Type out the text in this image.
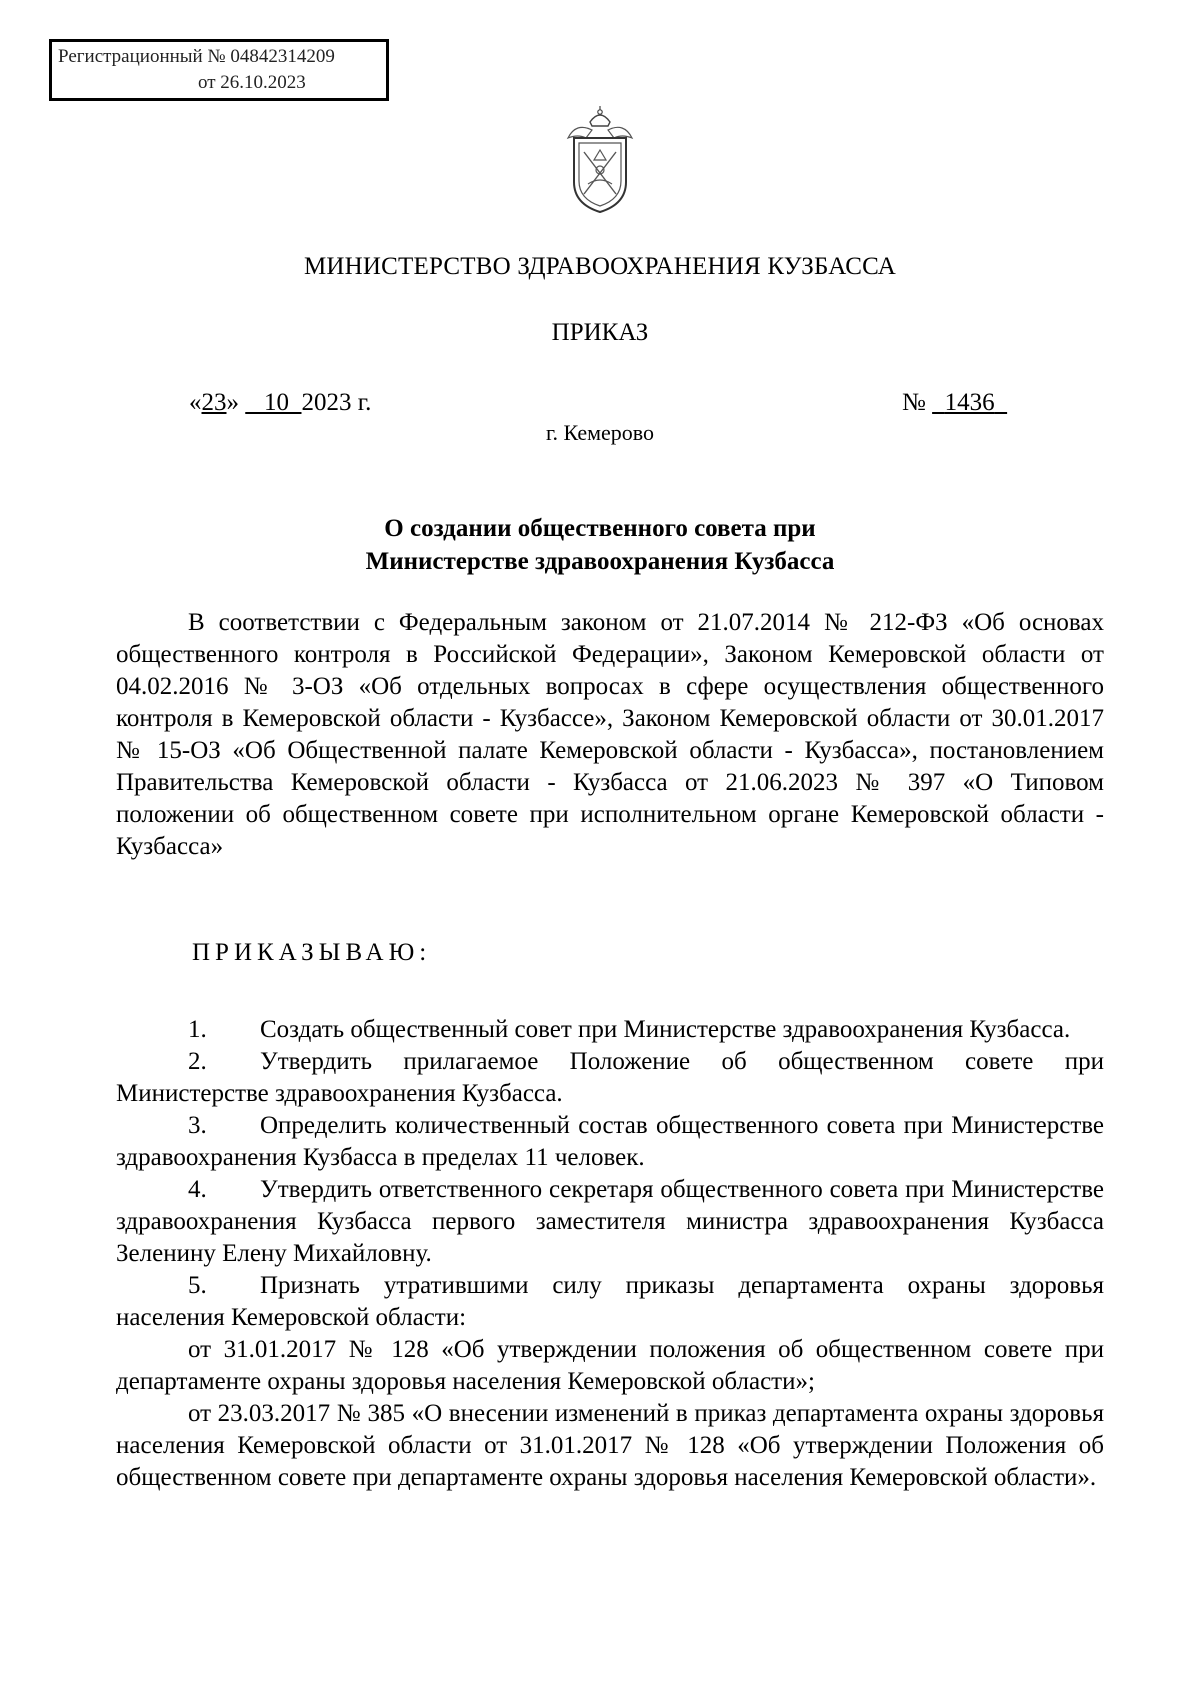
Регистрационный № 04842314209
от 26.10.2023
МИНИСТЕРСТВО ЗДРАВООХРАНЕНИЯ КУЗБАССА
ПРИКАЗ
«23» 10 2023 г.	№ 1436
г. Кемерово
О создании общественного совета при
Министерстве здравоохранения Кузбасса

В соответствии с Федеральным законом от 21.07.2014 № 212-ФЗ «Об основах общественного контроля в Российской Федерации», Законом Кемеровской области от 04.02.2016 № 3-ОЗ «Об отдельных вопросах в сфере осуществления общественного контроля в Кемеровской области - Кузбассе», Законом Кемеровской области от 30.01.2017 № 15-ОЗ «Об Общественной палате Кемеровской области - Кузбасса», постановлением Правительства Кемеровской области - Кузбасса от 21.06.2023 № 397 «О Типовом положении об общественном совете при исполнительном органе Кемеровской области - Кузбасса»

ПРИКАЗЫВАЮ:

1. Создать общественный совет при Министерстве здравоохранения Кузбасса.

2. Утвердить прилагаемое Положение об общественном совете при Министерстве здравоохранения Кузбасса.

3. Определить количественный состав общественного совета при Министерстве здравоохранения Кузбасса в пределах 11 человек.

4. Утвердить ответственного секретаря общественного совета при Министерстве здравоохранения Кузбасса первого заместителя министра здравоохранения Кузбасса Зеленину Елену Михайловну.

5. Признать утратившими силу приказы департамента охраны здоровья населения Кемеровской области:

от 31.01.2017 № 128 «Об утверждении положения об общественном совете при департаменте охраны здоровья населения Кемеровской области»;

от 23.03.2017 № 385 «О внесении изменений в приказ департамента охраны здоровья населения Кемеровской области от 31.01.2017 № 128 «Об утверждении Положения об общественном совете при департаменте охраны здоровья населения Кемеровской области».
